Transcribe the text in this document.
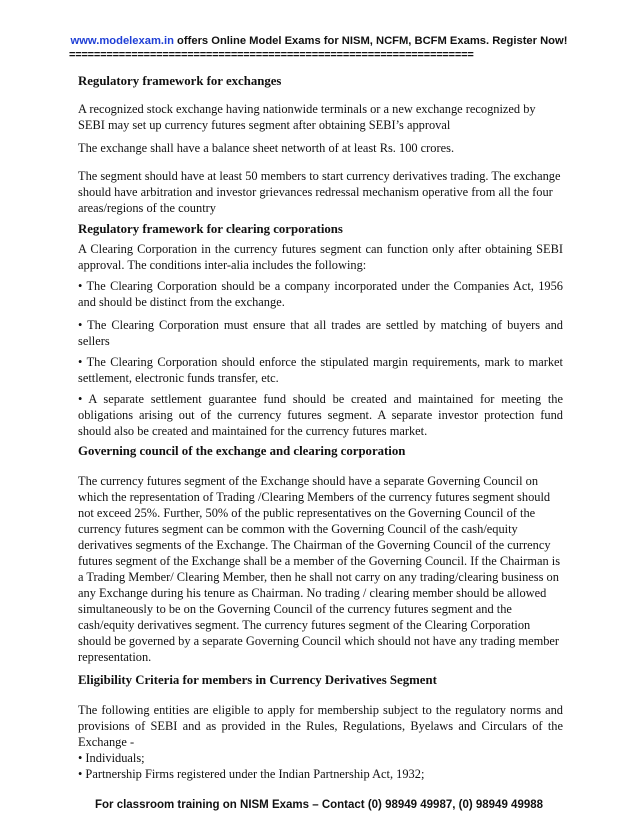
www.modelexam.in offers Online Model Exams for NISM, NCFM, BCFM Exams. Register Now!
=================================================================

Regulatory framework for exchanges

A recognized stock exchange having nationwide terminals or a new exchange recognized by SEBI may set up currency futures segment after obtaining SEBI’s approval

The exchange shall have a balance sheet networth of at least Rs. 100 crores.

The segment should have at least 50 members to start currency derivatives trading. The exchange should have arbitration and investor grievances redressal mechanism operative from all the four areas/regions of the country

Regulatory framework for clearing corporations

A Clearing Corporation in the currency futures segment can function only after obtaining SEBI approval. The conditions inter-alia includes the following:

• The Clearing Corporation should be a company incorporated under the Companies Act, 1956 and should be distinct from the exchange.

• The Clearing Corporation must ensure that all trades are settled by matching of buyers and sellers

• The Clearing Corporation should enforce the stipulated margin requirements, mark to market settlement, electronic funds transfer, etc.

• A separate settlement guarantee fund should be created and maintained for meeting the obligations arising out of the currency futures segment. A separate investor protection fund should also be created and maintained for the currency futures market.

Governing council of the exchange and clearing corporation

The currency futures segment of the Exchange should have a separate Governing Council on which the representation of Trading /Clearing Members of the currency futures segment should not exceed 25%. Further, 50% of the public representatives on the Governing Council of the currency futures segment can be common with the Governing Council of the cash/equity derivatives segments of the Exchange. The Chairman of the Governing Council of the currency futures segment of the Exchange shall be a member of the Governing Council. If the Chairman is a Trading Member/ Clearing Member, then he shall not carry on any trading/clearing business on any Exchange during his tenure as Chairman. No trading / clearing member should be allowed simultaneously to be on the Governing Council of the currency futures segment and the cash/equity derivatives segment. The currency futures segment of the Clearing Corporation should be governed by a separate Governing Council which should not have any trading member representation.

Eligibility Criteria for members in Currency Derivatives Segment

The following entities are eligible to apply for membership subject to the regulatory norms and provisions of SEBI and as provided in the Rules, Regulations, Byelaws and Circulars of the Exchange -

• Individuals;

• Partnership Firms registered under the Indian Partnership Act, 1932;

For classroom training on NISM Exams – Contact (0) 98949 49987, (0) 98949 49988
